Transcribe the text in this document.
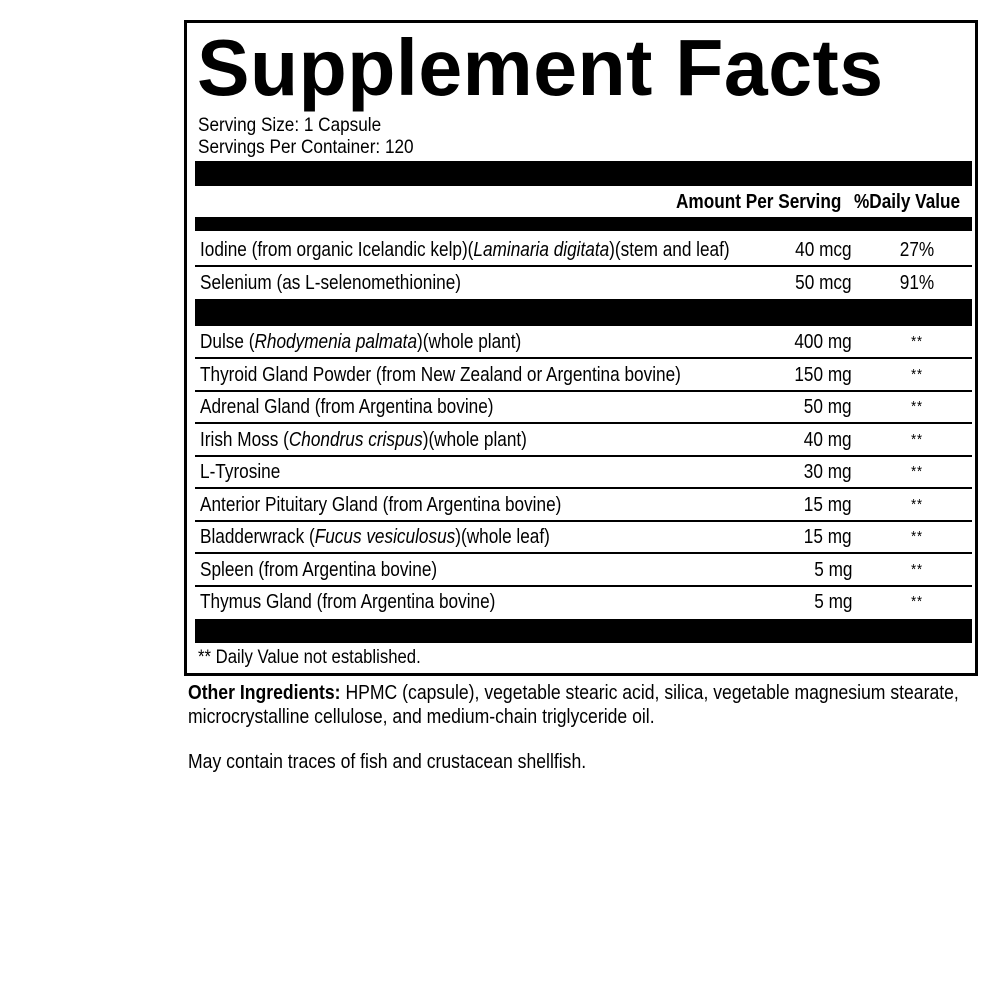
Supplement Facts
Serving Size: 1 Capsule
Servings Per Container: 120
Amount Per Serving %Daily Value
Iodine (from organic Icelandic kelp)(Laminaria digitata)(stem and leaf)	40 mcg 27%
Selenium (as L-selenomethionine)	50 mcg 91%
Dulse (Rhodymenia palmata)(whole plant)	400 mg	**
Thyroid Gland Powder (from New Zealand or Argentina bovine)	150 mg	**
Adrenal Gland (from Argentina bovine)	50 mg	**
Irish Moss (Chondrus crispus)(whole plant)	40 mg	**
L-Tyrosine	30 mg	**
Anterior Pituitary Gland (from Argentina bovine)	15 mg	**
Bladderwrack (Fucus vesiculosus)(whole leaf)	15 mg	**
Spleen (from Argentina bovine)	5 mg	**
Thymus Gland (from Argentina bovine)	5 mg	**
** Daily Value not established.
Other Ingredients: HPMC (capsule), vegetable stearic acid, silica, vegetable magnesium stearate, microcrystalline cellulose, and medium-chain triglyceride oil.
May contain traces of fish and crustacean shellfish.
